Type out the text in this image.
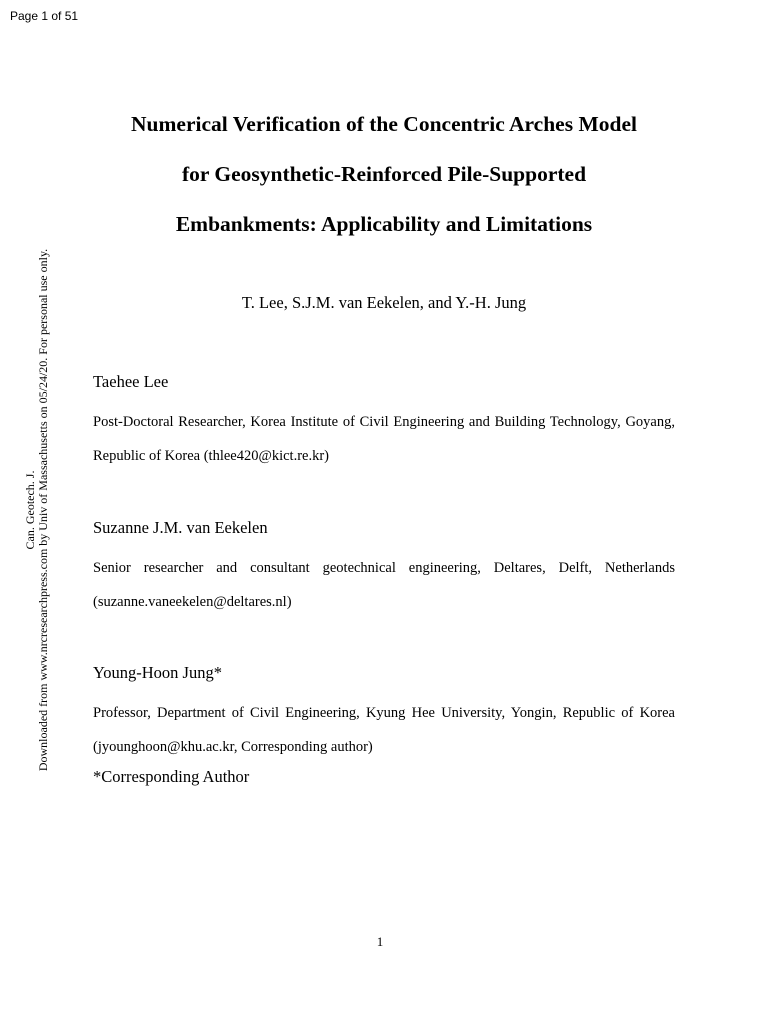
Page 1 of 51
Can. Geotech. J. Downloaded from www.nrcresearchpress.com by Univ of Massachusetts on 05/24/20. For personal use only.
Numerical Verification of the Concentric Arches Model
for Geosynthetic-Reinforced Pile-Supported
Embankments: Applicability and Limitations
T. Lee, S.J.M. van Eekelen, and Y.-H. Jung
Taehee Lee
Post-Doctoral Researcher, Korea Institute of Civil Engineering and Building Technology, Goyang, Republic of Korea (thlee420@kict.re.kr)
Suzanne J.M. van Eekelen
Senior researcher and consultant geotechnical engineering, Deltares, Delft, Netherlands (suzanne.vaneekelen@deltares.nl)
Young-Hoon Jung*
Professor, Department of Civil Engineering, Kyung Hee University, Yongin, Republic of Korea (jyounghoon@khu.ac.kr, Corresponding author)
*Corresponding Author
1
